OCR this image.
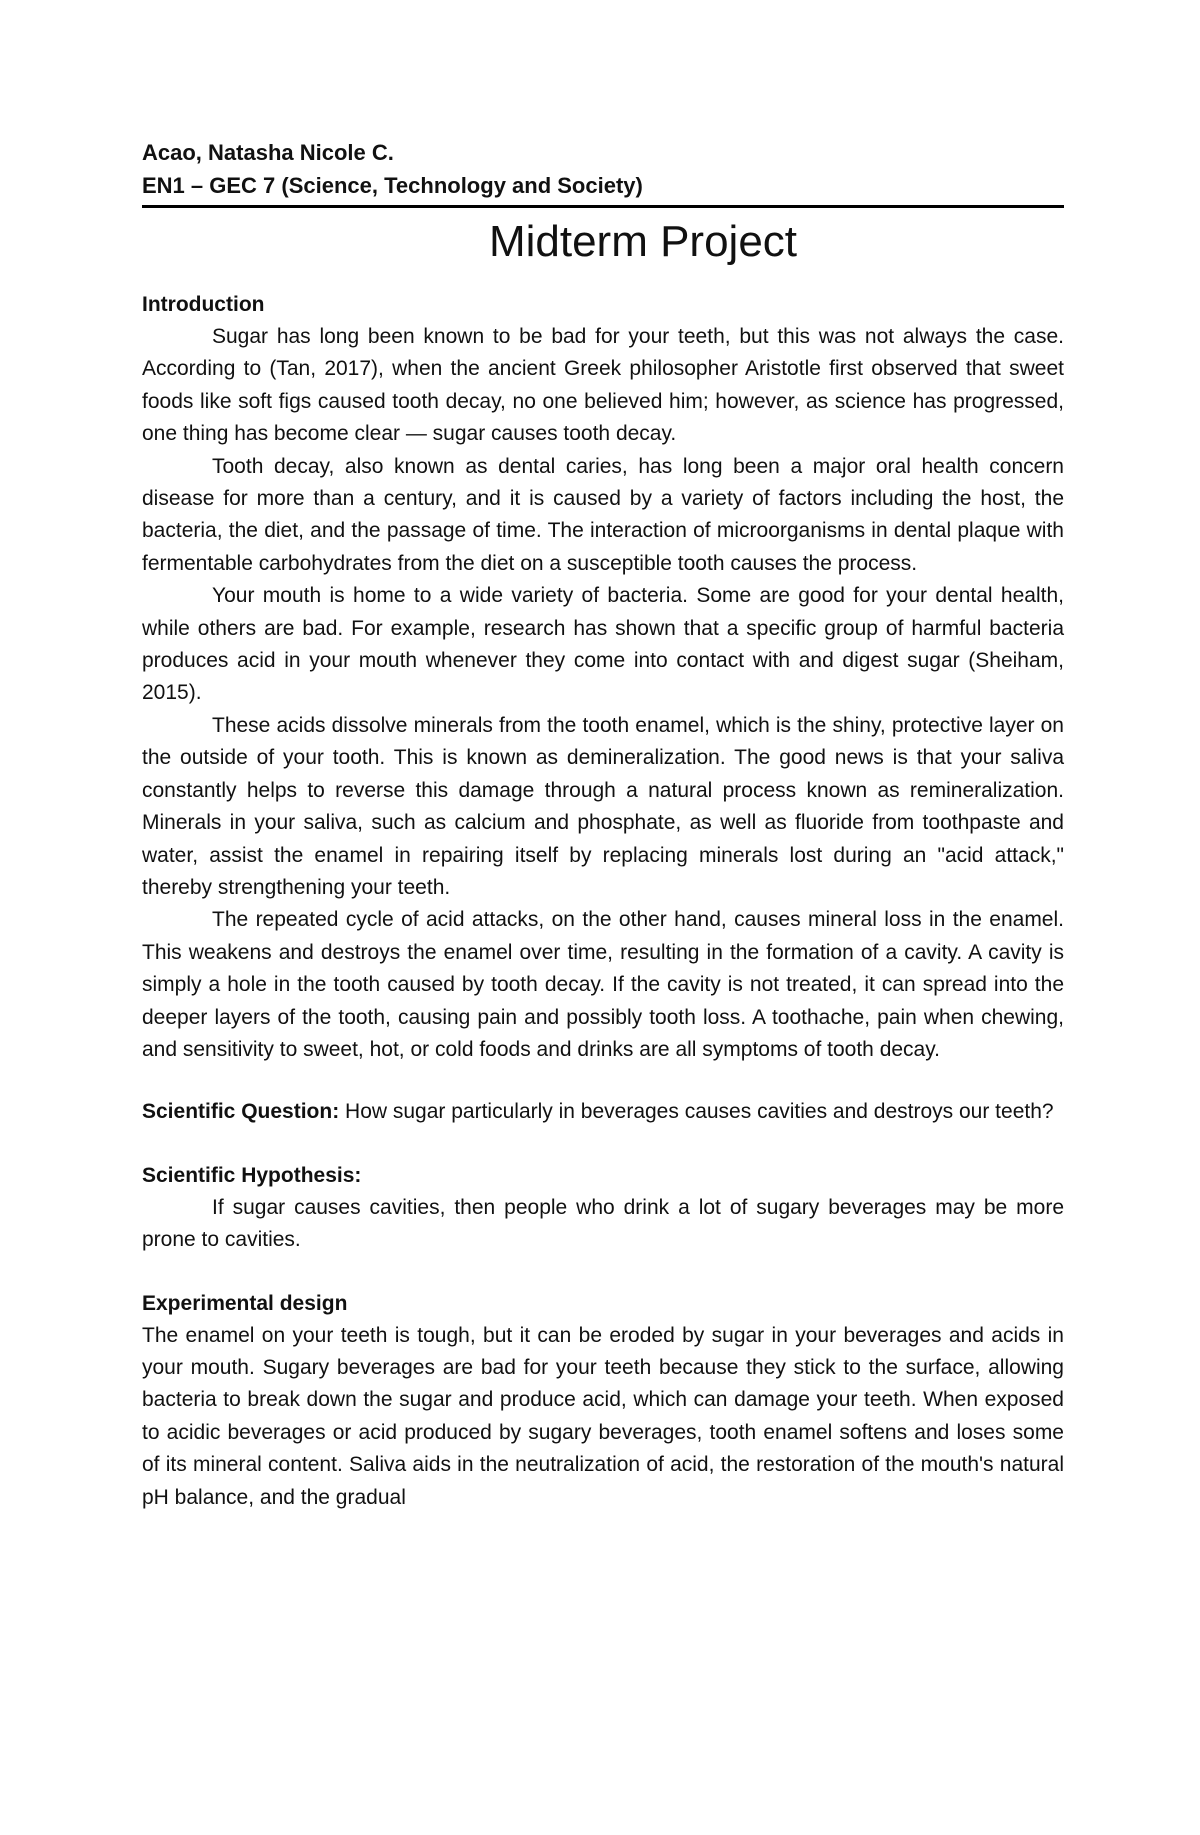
Acao, Natasha Nicole C.

EN1 – GEC 7 (Science, Technology and Society)

Midterm Project
Introduction

Sugar has long been known to be bad for your teeth, but this was not always the case. According to (Tan, 2017), when the ancient Greek philosopher Aristotle first observed that sweet foods like soft figs caused tooth decay, no one believed him; however, as science has progressed, one thing has become clear — sugar causes tooth decay.

Tooth decay, also known as dental caries, has long been a major oral health concern disease for more than a century, and it is caused by a variety of factors including the host, the bacteria, the diet, and the passage of time. The interaction of microorganisms in dental plaque with fermentable carbohydrates from the diet on a susceptible tooth causes the process.

Your mouth is home to a wide variety of bacteria. Some are good for your dental health, while others are bad. For example, research has shown that a specific group of harmful bacteria produces acid in your mouth whenever they come into contact with and digest sugar (Sheiham, 2015).

These acids dissolve minerals from the tooth enamel, which is the shiny, protective layer on the outside of your tooth. This is known as demineralization. The good news is that your saliva constantly helps to reverse this damage through a natural process known as remineralization. Minerals in your saliva, such as calcium and phosphate, as well as fluoride from toothpaste and water, assist the enamel in repairing itself by replacing minerals lost during an "acid attack," thereby strengthening your teeth.

The repeated cycle of acid attacks, on the other hand, causes mineral loss in the enamel. This weakens and destroys the enamel over time, resulting in the formation of a cavity. A cavity is simply a hole in the tooth caused by tooth decay. If the cavity is not treated, it can spread into the deeper layers of the tooth, causing pain and possibly tooth loss. A toothache, pain when chewing, and sensitivity to sweet, hot, or cold foods and drinks are all symptoms of tooth decay.

Scientific Question: How sugar particularly in beverages causes cavities and destroys our teeth?

Scientific Hypothesis:

If sugar causes cavities, then people who drink a lot of sugary beverages may be more prone to cavities.

Experimental design

The enamel on your teeth is tough, but it can be eroded by sugar in your beverages and acids in your mouth. Sugary beverages are bad for your teeth because they stick to the surface, allowing bacteria to break down the sugar and produce acid, which can damage your teeth. When exposed to acidic beverages or acid produced by sugary beverages, tooth enamel softens and loses some of its mineral content. Saliva aids in the neutralization of acid, the restoration of the mouth's natural pH balance, and the gradual
